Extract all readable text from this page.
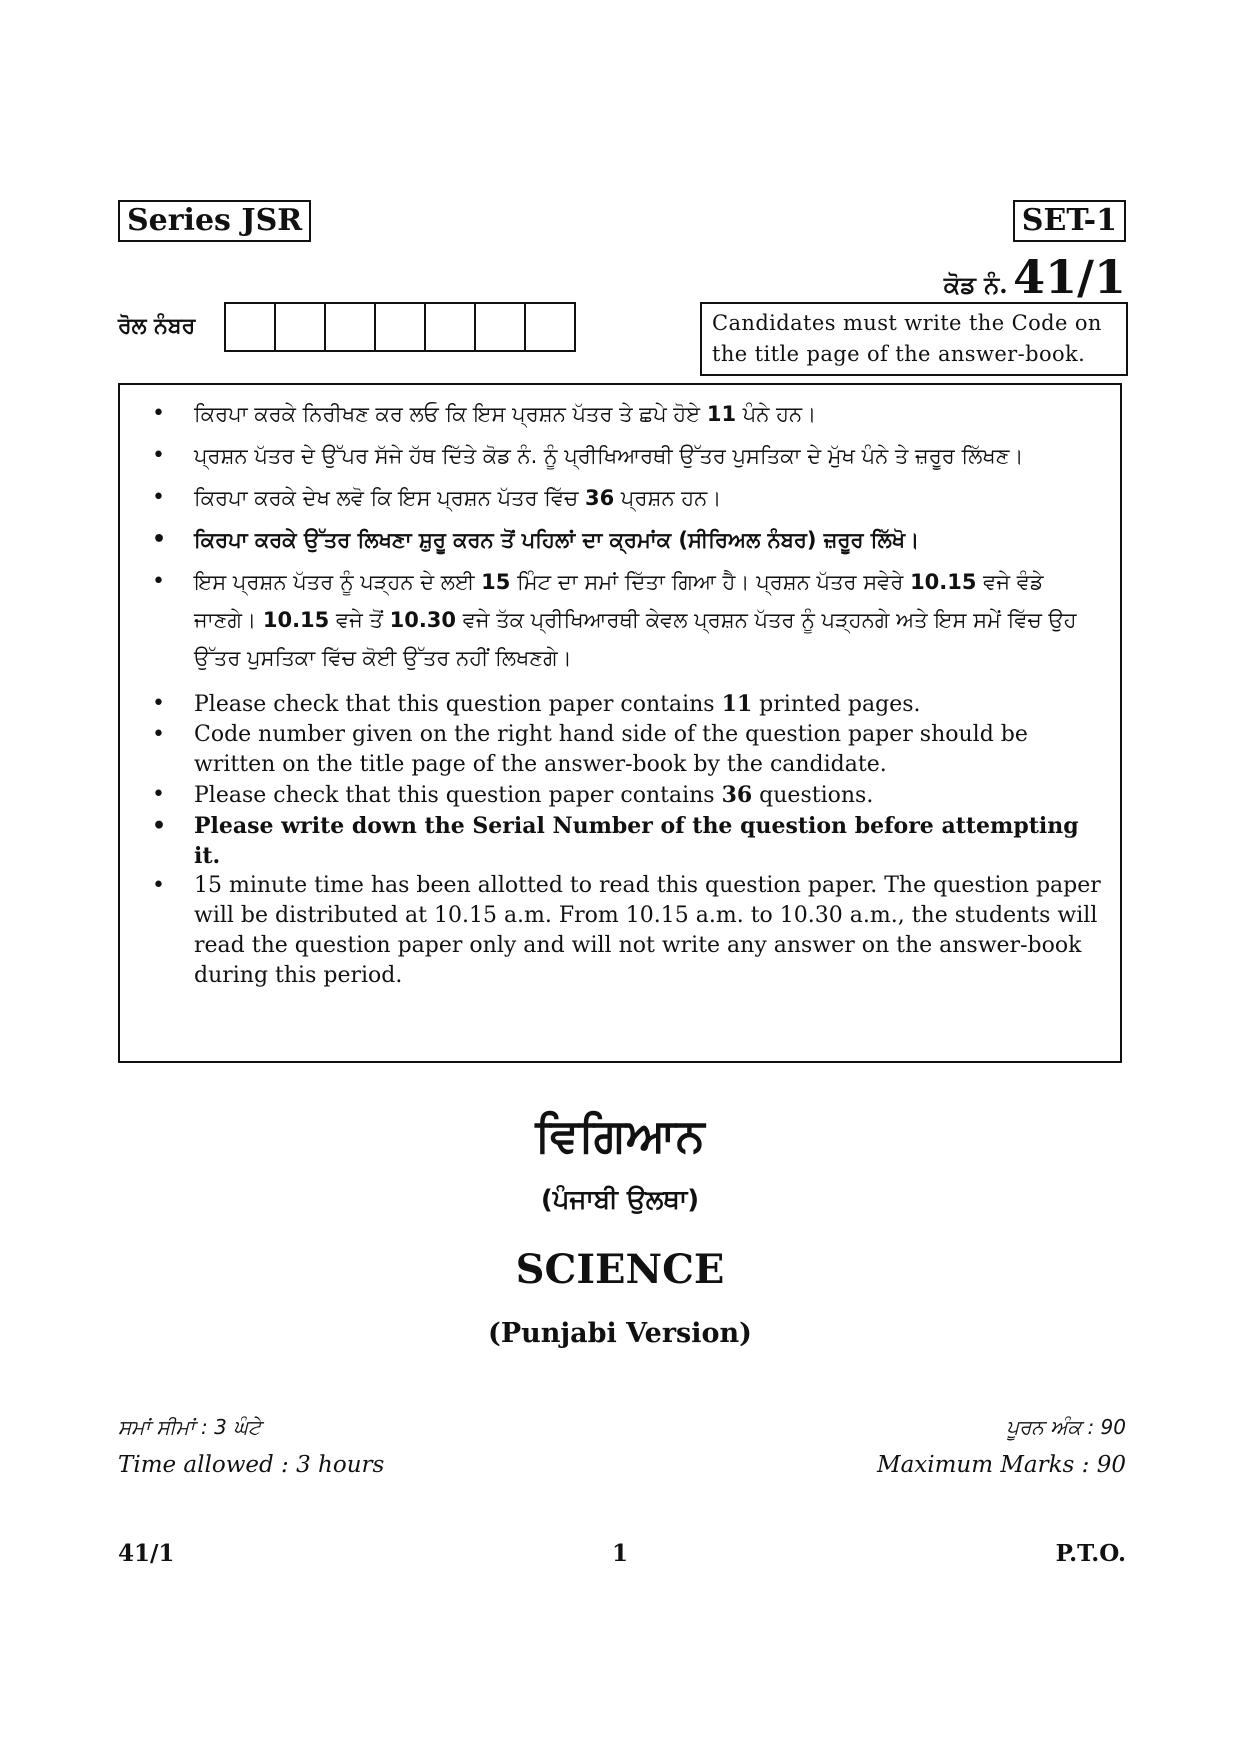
Series JSR	SET-1
ਕੋਡ ਨੰ. 41/1
ਰੋਲ ਨੰਬਰ	Candidates must write the Code on the title page of the answer-book.
• ਕਿਰਪਾ ਕਰਕੇ ਨਿਰੀਖਣ ਕਰ ਲਓ ਕਿ ਇਸ ਪ੍ਰਸ਼ਨ ਪੱਤਰ ਤੇ ਛਪੇ ਹੋਏ 11 ਪੰਨੇ ਹਨ।
• ਪ੍ਰਸ਼ਨ ਪੱਤਰ ਦੇ ਉੱਪਰ ਸੱਜੇ ਹੱਥ ਦਿੱਤੇ ਕੋਡ ਨੰ. ਨੂੰ ਪ੍ਰੀਖਿਆਰਥੀ ਉੱਤਰ ਪੁਸਤਿਕਾ ਦੇ ਮੁੱਖ ਪੰਨੇ ਤੇ ਜ਼ਰੂਰ ਲਿੱਖਣ।
• ਕਿਰਪਾ ਕਰਕੇ ਦੇਖ ਲਵੋ ਕਿ ਇਸ ਪ੍ਰਸ਼ਨ ਪੱਤਰ ਵਿੱਚ 36 ਪ੍ਰਸ਼ਨ ਹਨ।
• ਕਿਰਪਾ ਕਰਕੇ ਉੱਤਰ ਲਿਖਣਾ ਸ਼ੁਰੂ ਕਰਨ ਤੋਂ ਪਹਿਲਾਂ ਦਾ ਕ੍ਰਮਾਂਕ (ਸੀਰਿਅਲ ਨੰਬਰ) ਜ਼ਰੂਰ ਲਿੱਖੋ।
• ਇਸ ਪ੍ਰਸ਼ਨ ਪੱਤਰ ਨੂੰ ਪੜ੍ਹਨ ਦੇ ਲਈ 15 ਮਿੰਟ ਦਾ ਸਮਾਂ ਦਿੱਤਾ ਗਿਆ ਹੈ। ਪ੍ਰਸ਼ਨ ਪੱਤਰ ਸਵੇਰੇ 10.15 ਵਜੇ ਵੰਡੇ ਜਾਣਗੇ। 10.15 ਵਜੇ ਤੋਂ 10.30 ਵਜੇ ਤੱਕ ਪ੍ਰੀਖਿਆਰਥੀ ਕੇਵਲ ਪ੍ਰਸ਼ਨ ਪੱਤਰ ਨੂੰ ਪੜ੍ਹਨਗੇ ਅਤੇ ਇਸ ਸਮੇਂ ਵਿੱਚ ਉਹ ਉੱਤਰ ਪੁਸਤਿਕਾ ਵਿੱਚ ਕੋਈ ਉੱਤਰ ਨਹੀਂ ਲਿਖਣਗੇ।
• Please check that this question paper contains 11 printed pages.
• Code number given on the right hand side of the question paper should be written on the title page of the answer-book by the candidate.
• Please check that this question paper contains 36 questions.
• Please write down the Serial Number of the question before attempting it.
• 15 minute time has been allotted to read this question paper. The question paper will be distributed at 10.15 a.m. From 10.15 a.m. to 10.30 a.m., the students will read the question paper only and will not write any answer on the answer-book during this period.
ਵਿਗਿਆਨ
(ਪੰਜਾਬੀ ਉਲਥਾ)
SCIENCE
(Punjabi Version)
ਸਮਾਂ ਸੀਮਾਂ : 3 ਘੰਟੇ	ਪੂਰਨ ਅੰਕ : 90
Time allowed : 3 hours	Maximum Marks : 90
41/1	1	P.T.O.
